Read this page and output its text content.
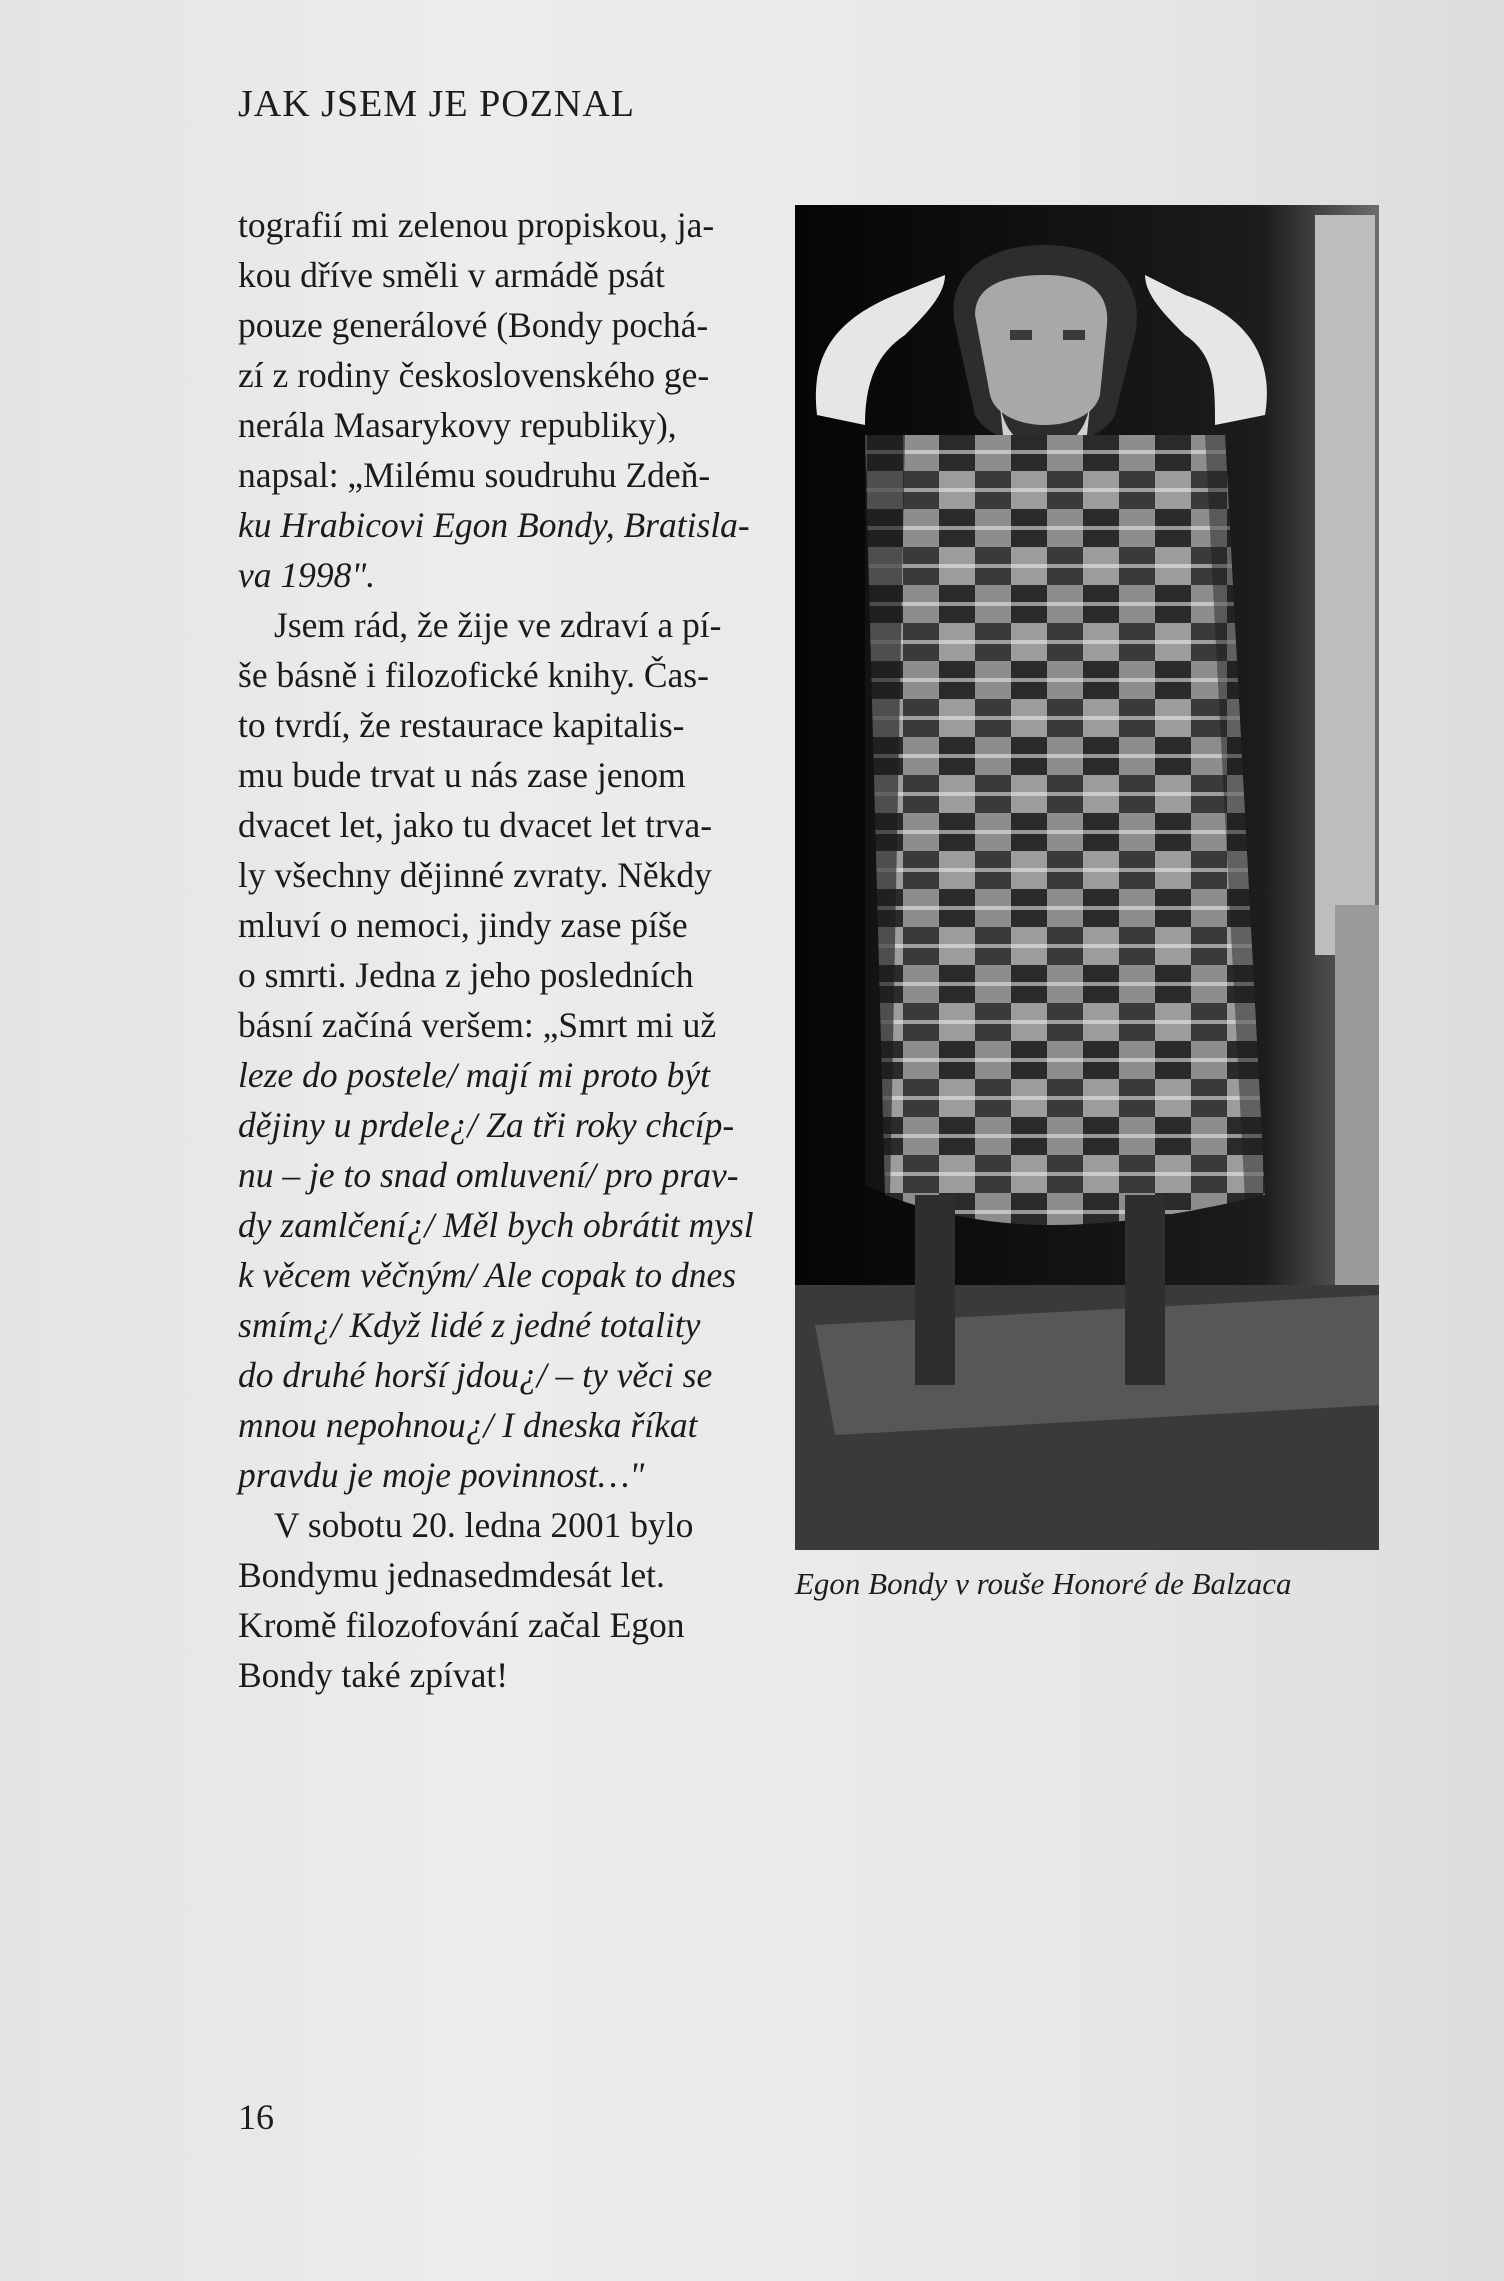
JAK JSEM JE POZNAL
tografií mi zelenou propiskou, ja-
kou dříve směli v armádě psát
pouze generálové (Bondy pochá-
zí z rodiny československého ge-
nerála Masarykovy republiky),
napsal: „Milému soudruhu Zdeň-
ku Hrabicovi Egon Bondy, Bratisla-
va 1998".
Jsem rád, že žije ve zdraví a pí-
še básně i filozofické knihy. Čas-
to tvrdí, že restaurace kapitalis-
mu bude trvat u nás zase jenom
dvacet let, jako tu dvacet let trva-
ly všechny dějinné zvraty. Někdy
mluví o nemoci, jindy zase píše
o smrti. Jedna z jeho posledních
básní začíná veršem: „Smrt mi už
leze do postele/ mají mi proto být
dějiny u prdele¿/ Za tři roky chcíp-
nu – je to snad omluvení/ pro prav-
dy zamlčení¿/ Měl bych obrátit mysl
k věcem věčným/ Ale copak to dnes
smím¿/ Když lidé z jedné totality
do druhé horší jdou¿/ – ty věci se
mnou nepohnou¿/ I dneska říkat
pravdu je moje povinnost…"
V sobotu 20. ledna 2001 bylo
Bondymu jednasedmdesát let.
Kromě filozofování začal Egon
Bondy také zpívat!
Egon Bondy v rouše Honoré de Balzaca
16
